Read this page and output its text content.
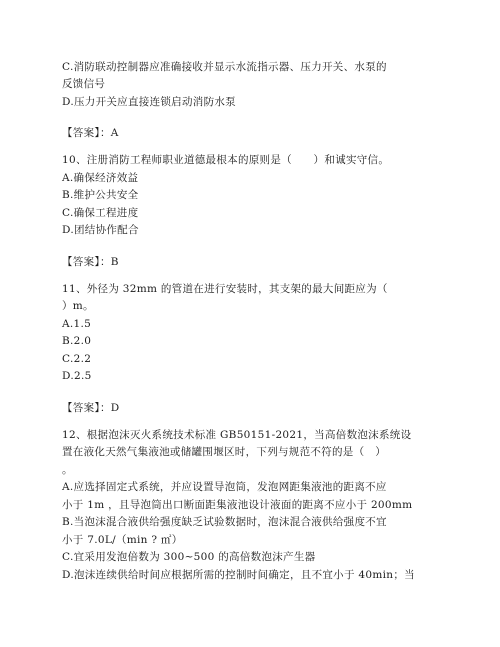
C.消防联动控制器应准确接收并显示水流指示器、压力开关、水泵的
反馈信号
D.压力开关应直接连锁启动消防水泵
【答案】：A
10、注册消防工程师职业道德最根本的原则是（　　）和诚实守信。
A.确保经济效益
B.维护公共安全
C.确保工程进度
D.团结协作配合
【答案】：B
11、外径为 32mm 的管道在进行安装时，其支架的最大间距应为（
）m。
A.1.5
B.2.0
C.2.2
D.2.5
【答案】：D
12、根据泡沫灭火系统技术标准 GB50151-2021，当高倍数泡沫系统设
置在液化天然气集液池或储罐围堰区时，下列与规范不符的是（　）
。
A.应选择固定式系统，并应设置导泡筒，发泡网距集液池的距离不应
小于 1m ，且导泡筒出口断面距集液池设计液面的距离不应小于 200mm
B.当泡沫混合液供给强度缺乏试验数据时，泡沫混合液供给强度不宜
小于 7.0L/（min ? ㎡）
C.宜采用发泡倍数为 300~500 的高倍数泡沫产生器
D.泡沫连续供给时间应根据所需的控制时间确定，且不宜小于 40min；当
